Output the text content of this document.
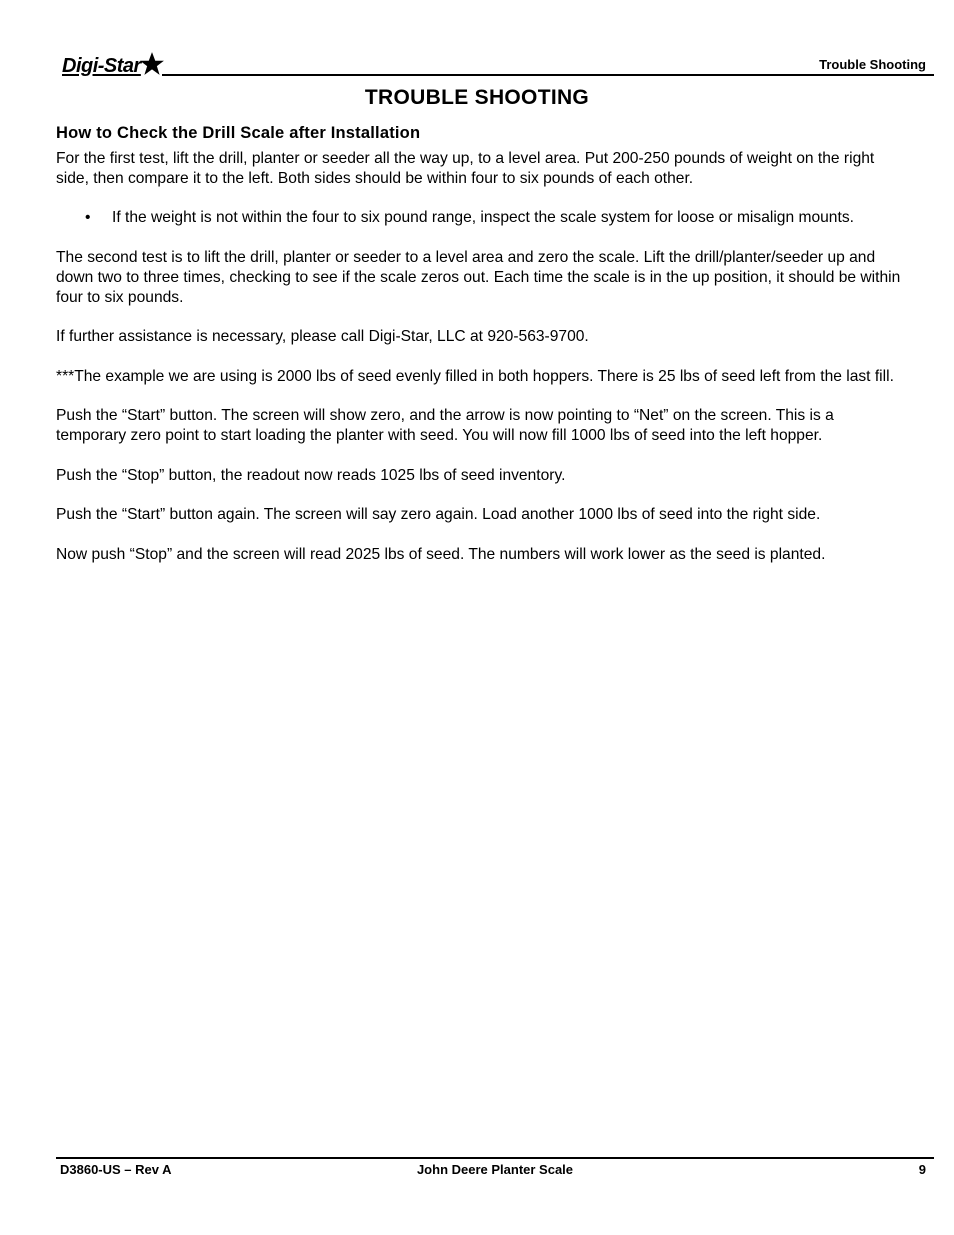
Digi-Star	Trouble Shooting
TROUBLE SHOOTING
How to Check the Drill Scale after Installation

For the first test, lift the drill, planter or seeder all the way up, to a level area. Put 200-250 pounds of weight on the right side, then compare it to the left. Both sides should be within four to six pounds of each other.

• If the weight is not within the four to six pound range, inspect the scale system for loose or misalign mounts.

The second test is to lift the drill, planter or seeder to a level area and zero the scale. Lift the drill/planter/seeder up and down two to three times, checking to see if the scale zeros out. Each time the scale is in the up position, it should be within four to six pounds.

If further assistance is necessary, please call Digi-Star, LLC at 920-563-9700.

***The example we are using is 2000 lbs of seed evenly filled in both hoppers. There is 25 lbs of seed left from the last fill.

Push the “Start” button. The screen will show zero, and the arrow is now pointing to “Net” on the screen. This is a temporary zero point to start loading the planter with seed. You will now fill 1000 lbs of seed into the left hopper.

Push the “Stop” button, the readout now reads 1025 lbs of seed inventory.

Push the “Start” button again. The screen will say zero again. Load another 1000 lbs of seed into the right side.

Now push “Stop” and the screen will read 2025 lbs of seed. The numbers will work lower as the seed is planted.

D3860-US – Rev A	John Deere Planter Scale	9
